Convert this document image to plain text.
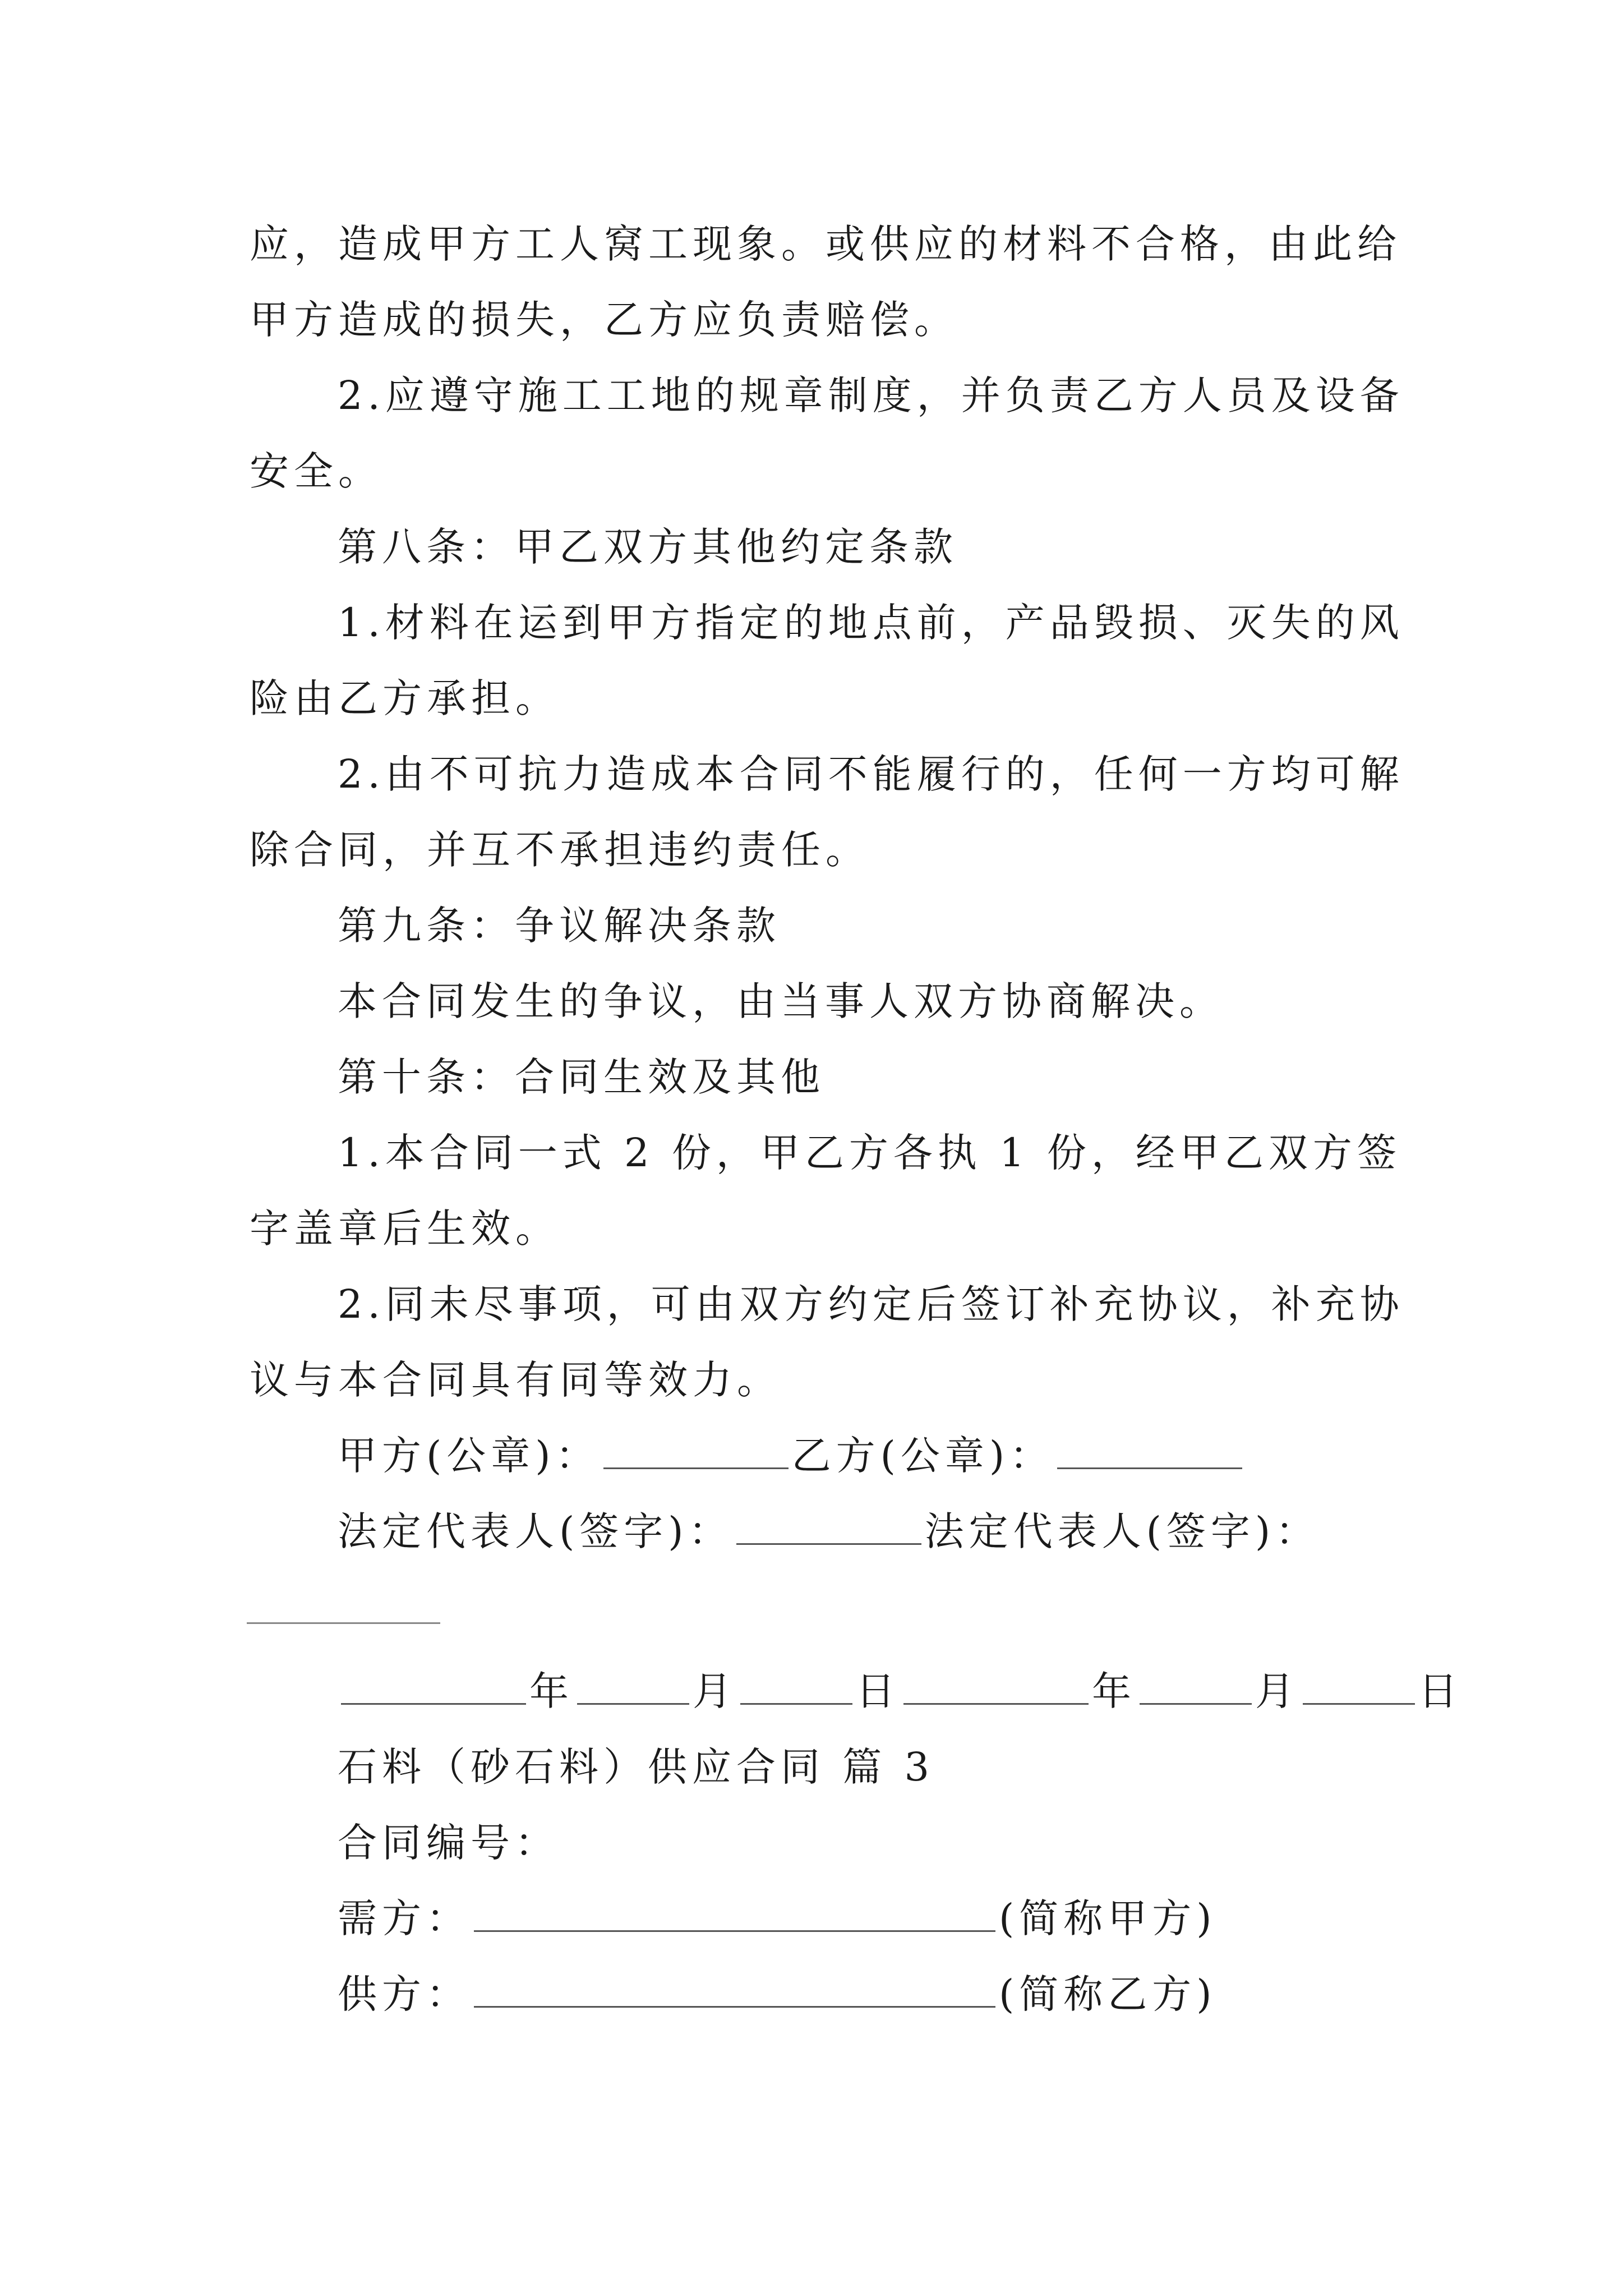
应，造成甲方工人窝工现象。或供应的材料不合格，由此给
甲方造成的损失，乙方应负责赔偿。
2.应遵守施工工地的规章制度，并负责乙方人员及设备
安全。
第八条：甲乙双方其他约定条款
1.材料在运到甲方指定的地点前，产品毁损、灭失的风
险由乙方承担。
2.由不可抗力造成本合同不能履行的，任何一方均可解
除合同，并互不承担违约责任。
第九条：争议解决条款
本合同发生的争议，由当事人双方协商解决。
第十条：合同生效及其他
1.本合同一式 2 份，甲乙方各执 1 份，经甲乙双方签
字盖章后生效。
2.同未尽事项，可由双方约定后签订补充协议，补充协
议与本合同具有同等效力。
甲方(公章)：	乙方(公章)：
法定代表人(签字)：	法定代表人(签字)：
年	月	日	年	月	日
石料（砂石料）供应合同 篇 3
合同编号：
需方：	(简称甲方)
供方：	(简称乙方)
